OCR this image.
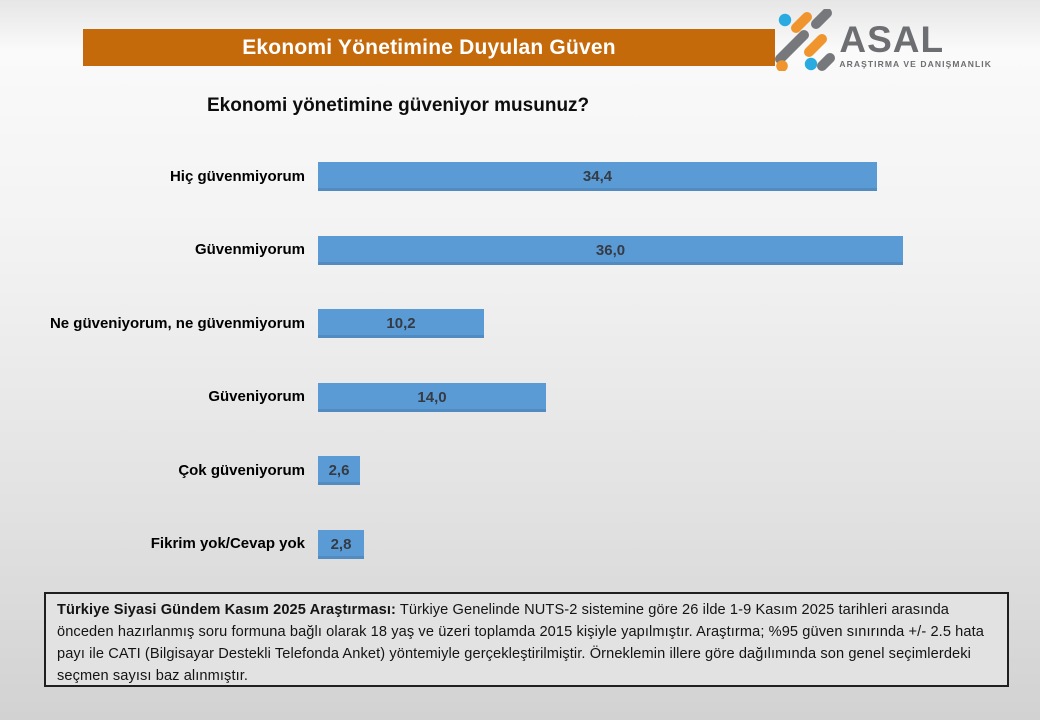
Ekonomi Yönetimine Duyulan Güven	ASAL
ARAŞTIRMA VE DANIŞMANLIK
Ekonomi yönetimine güveniyor musunuz?
Hiç güvenmiyorum	34,4
Güvenmiyorum	36,0
Ne güveniyorum, ne güvenmiyorum	10,2
Güveniyorum	14,0
Çok güveniyorum	2,6
Fikrim yok/Cevap yok	2,8
Türkiye Siyasi Gündem Kasım 2025 Araştırması: Türkiye Genelinde NUTS-2 sistemine göre 26 ilde 1-9 Kasım 2025 tarihleri arasında önceden hazırlanmış soru formuna bağlı olarak 18 yaş ve üzeri toplamda 2015 kişiyle yapılmıştır. Araştırma; %95 güven sınırında +/- 2.5 hata payı ile CATI (Bilgisayar Destekli Telefonda Anket) yöntemiyle gerçekleştirilmiştir. Örneklemin illere göre dağılımında son genel seçimlerdeki seçmen sayısı baz alınmıştır.
